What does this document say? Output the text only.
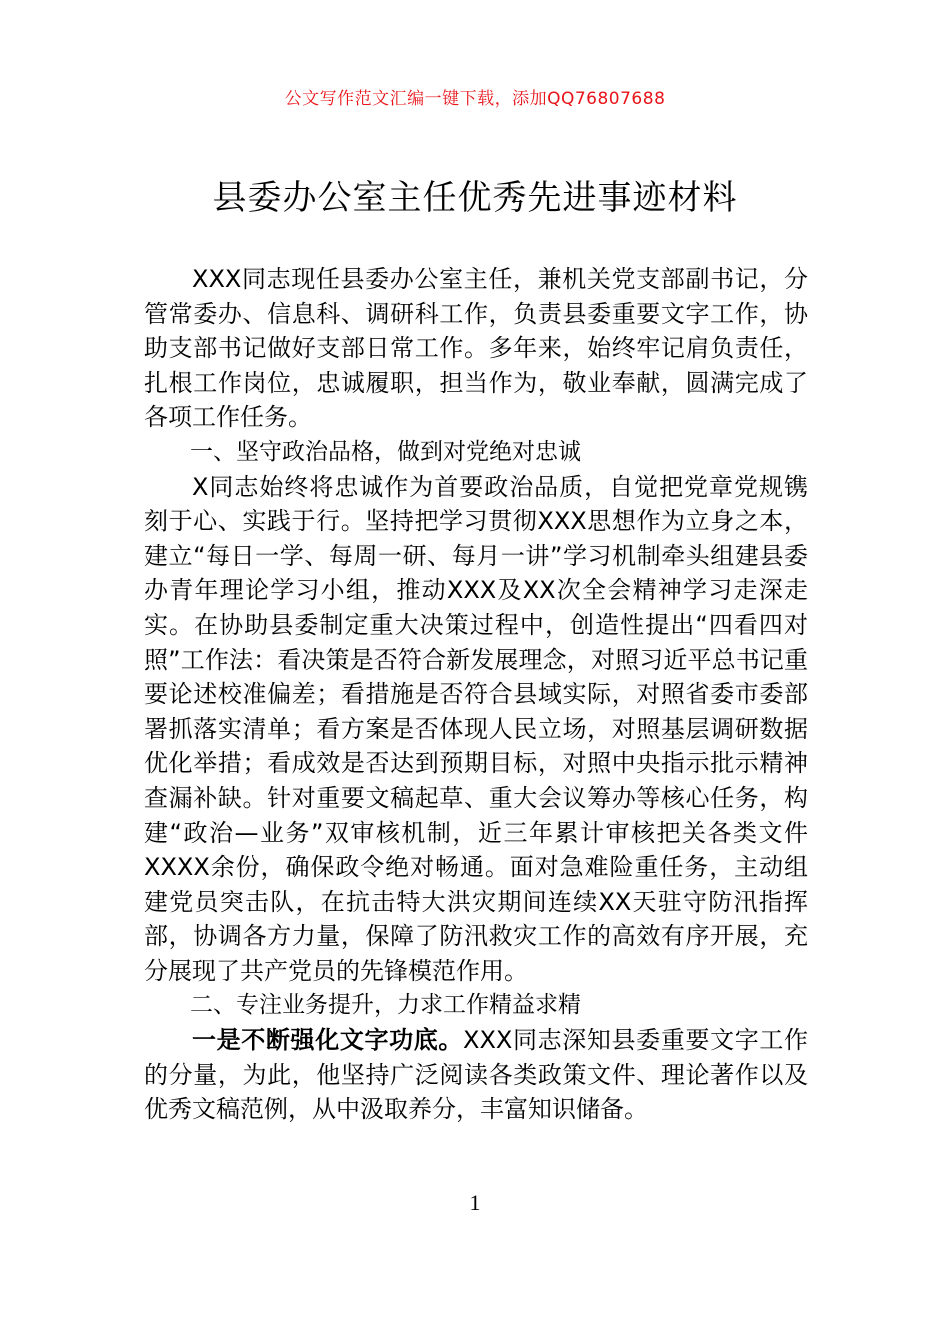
公文写作范文汇编一键下载，添加QQ76807688
县委办公室主任优秀先进事迹材料

XXX同志现任县委办公室主任，兼机关党支部副书记，分管常委办、信息科、调研科工作，负责县委重要文字工作，协助支部书记做好支部日常工作。多年来，始终牢记肩负责任，扎根工作岗位，忠诚履职，担当作为，敬业奉献，圆满完成了各项工作任务。

一、坚守政治品格，做到对党绝对忠诚

X同志始终将忠诚作为首要政治品质，自觉把党章党规镌刻于心、实践于行。坚持把学习贯彻XXX思想作为立身之本，建立“每日一学、每周一研、每月一讲”学习机制牵头组建县委办青年理论学习小组，推动XXX及XX次全会精神学习走深走实。在协助县委制定重大决策过程中，创造性提出“四看四对照”工作法：看决策是否符合新发展理念，对照习近平总书记重要论述校准偏差；看措施是否符合县域实际，对照省委市委部署抓落实清单；看方案是否体现人民立场，对照基层调研数据优化举措；看成效是否达到预期目标，对照中央指示批示精神查漏补缺。针对重要文稿起草、重大会议筹办等核心任务，构建“政治—业务”双审核机制，近三年累计审核把关各类文件XXXX余份，确保政令绝对畅通。面对急难险重任务，主动组建党员突击队，在抗击特大洪灾期间连续XX天驻守防汛指挥部，协调各方力量，保障了防汛救灾工作的高效有序开展，充分展现了共产党员的先锋模范作用。

二、专注业务提升，力求工作精益求精

一是不断强化文字功底。XXX同志深知县委重要文字工作的分量，为此，他坚持广泛阅读各类政策文件、理论著作以及优秀文稿范例，从中汲取养分，丰富知识储备。

1
